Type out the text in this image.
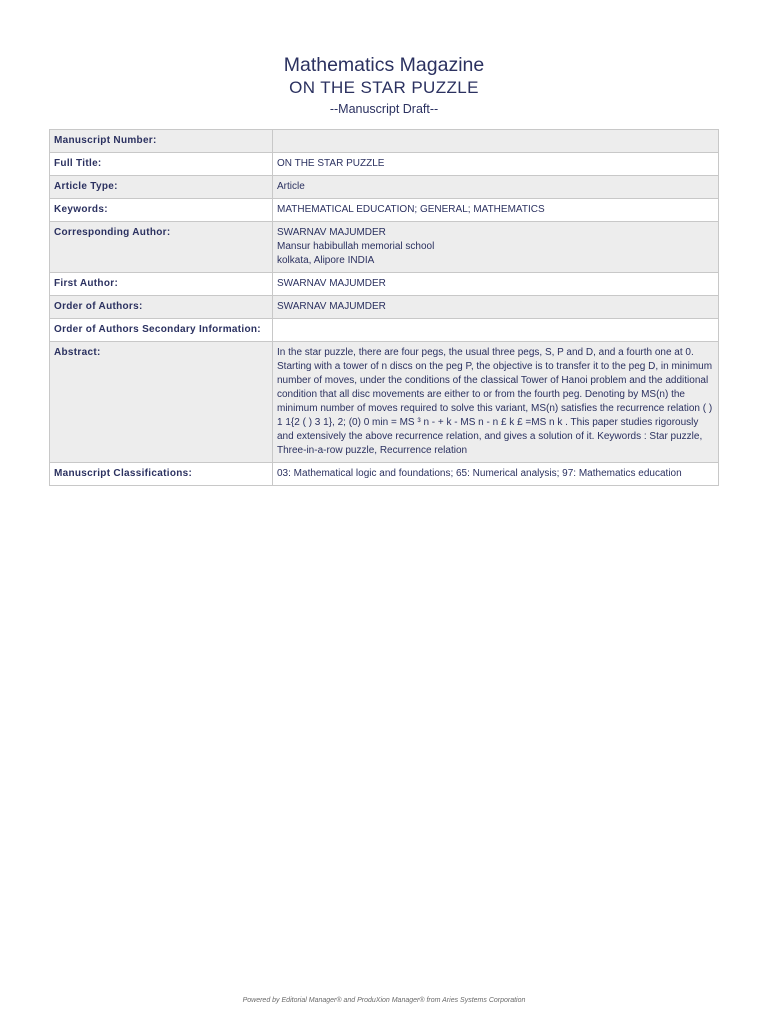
Mathematics Magazine
ON THE STAR PUZZLE
--Manuscript Draft--
Manuscript Number:	
Full Title:	ON THE STAR PUZZLE
Article Type:	Article
Keywords:	MATHEMATICAL EDUCATION; GENERAL; MATHEMATICS
Corresponding Author:	SWARNAV MAJUMDER
Mansur habibullah memorial school
kolkata, Alipore INDIA

First Author:	SWARNAV MAJUMDER
Order of Authors:	SWARNAV MAJUMDER
Order of Authors Secondary Information:	
Abstract:	In the star puzzle, there are four pegs, the usual three pegs, S, P and D, and a fourth one at 0. Starting with a tower of n discs on the peg P, the objective is to transfer it to the peg D, in minimum number of moves, under the conditions of the classical Tower of Hanoi problem and the additional condition that all disc movements are either to or from the fourth peg. Denoting by MS(n) the minimum number of moves required to solve this variant, MS(n) satisfies the recurrence relation ( ) 1 1{2 ( ) 3 1}, 2; (0) 0 min = MS ³ n - + k - MS n - n £ k £ =MS n k . This paper studies rigorously and extensively the above recurrence relation, and gives a solution of it. Keywords : Star puzzle, Three-in-a-row puzzle, Recurrence relation
Manuscript Classifications:	03: Mathematical logic and foundations; 65: Numerical analysis; 97: Mathematics education
Powered by Editorial Manager® and ProduXion Manager® from Aries Systems Corporation
